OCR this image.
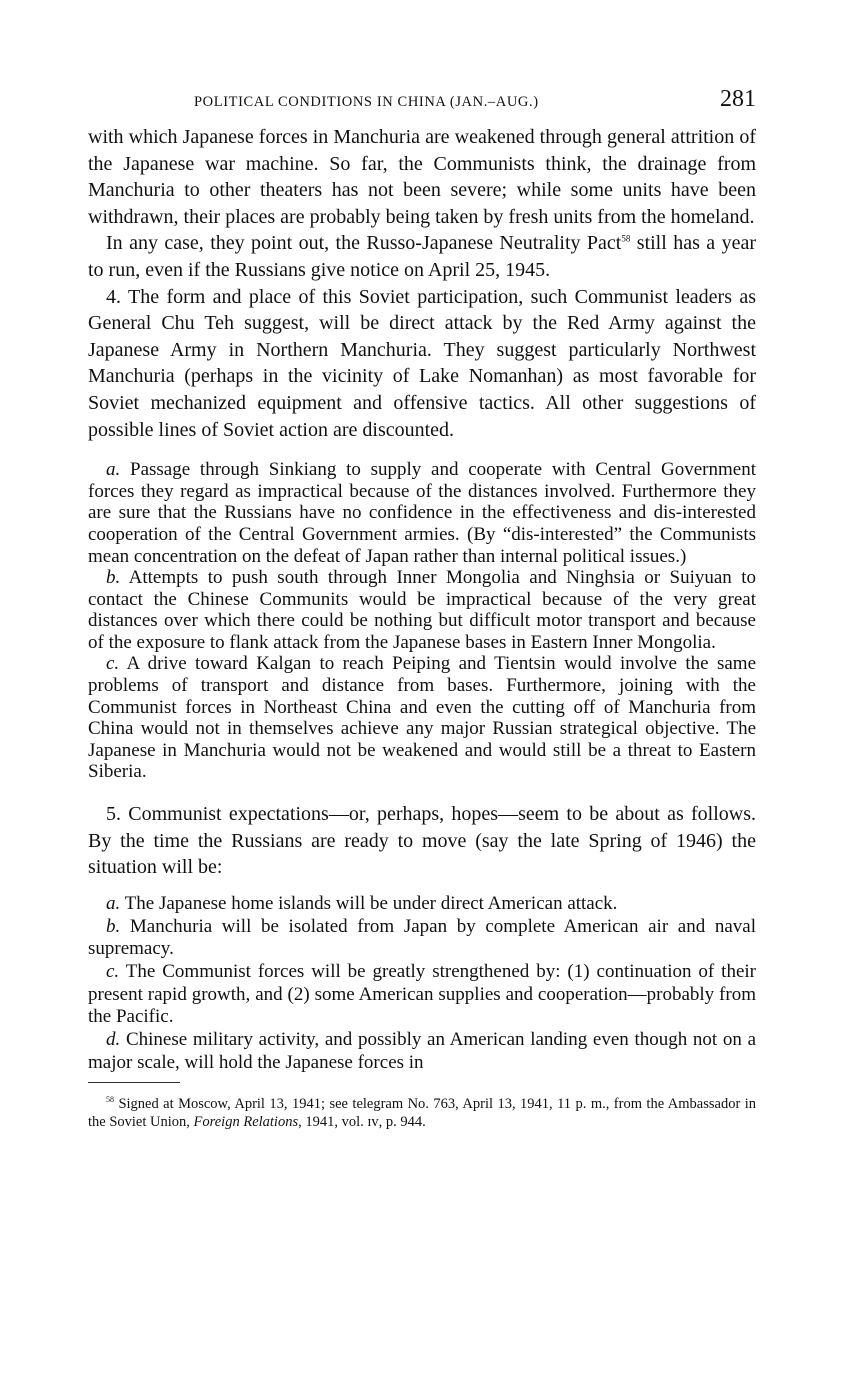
POLITICAL CONDITIONS IN CHINA (JAN.–AUG.)	281

with which Japanese forces in Manchuria are weakened through general attrition of the Japanese war machine. So far, the Communists think, the drainage from Manchuria to other theaters has not been severe; while some units have been withdrawn, their places are probably being taken by fresh units from the homeland.

In any case, they point out, the Russo-Japanese Neutrality Pact$^{58}$ still has a year to run, even if the Russians give notice on April 25, 1945.

4. The form and place of this Soviet participation, such Communist leaders as General Chu Teh suggest, will be direct attack by the Red Army against the Japanese Army in Northern Manchuria. They suggest particularly Northwest Manchuria (perhaps in the vicinity of Lake Nomanhan) as most favorable for Soviet mechanized equipment and offensive tactics. All other suggestions of possible lines of Soviet action are discounted.

a. Passage through Sinkiang to supply and cooperate with Central Government forces they regard as impractical because of the distances involved. Furthermore they are sure that the Russians have no confidence in the effectiveness and dis-interested cooperation of the Central Government armies. (By “dis-interested” the Communists mean concentration on the defeat of Japan rather than internal political issues.)

b. Attempts to push south through Inner Mongolia and Ninghsia or Suiyuan to contact the Chinese Communits would be impractical because of the very great distances over which there could be nothing but difficult motor transport and because of the exposure to flank attack from the Japanese bases in Eastern Inner Mongolia.

c. A drive toward Kalgan to reach Peiping and Tientsin would involve the same problems of transport and distance from bases. Furthermore, joining with the Communist forces in Northeast China and even the cutting off of Manchuria from China would not in themselves achieve any major Russian strategical objective. The Japanese in Manchuria would not be weakened and would still be a threat to Eastern Siberia.

5. Communist expectations—or, perhaps, hopes—seem to be about as follows. By the time the Russians are ready to move (say the late Spring of 1946) the situation will be:

a. The Japanese home islands will be under direct American attack.

b. Manchuria will be isolated from Japan by complete American air and naval supremacy.

c. The Communist forces will be greatly strengthened by: (1) continuation of their present rapid growth, and (2) some American supplies and cooperation—probably from the Pacific.

d. Chinese military activity, and possibly an American landing even though not on a major scale, will hold the Japanese forces in

$^{58}$ Signed at Moscow, April 13, 1941; see telegram No. 763, April 13, 1941, 11 p. m., from the Ambassador in the Soviet Union, Foreign Relations, 1941, vol. ɪᴠ, p. 944.
